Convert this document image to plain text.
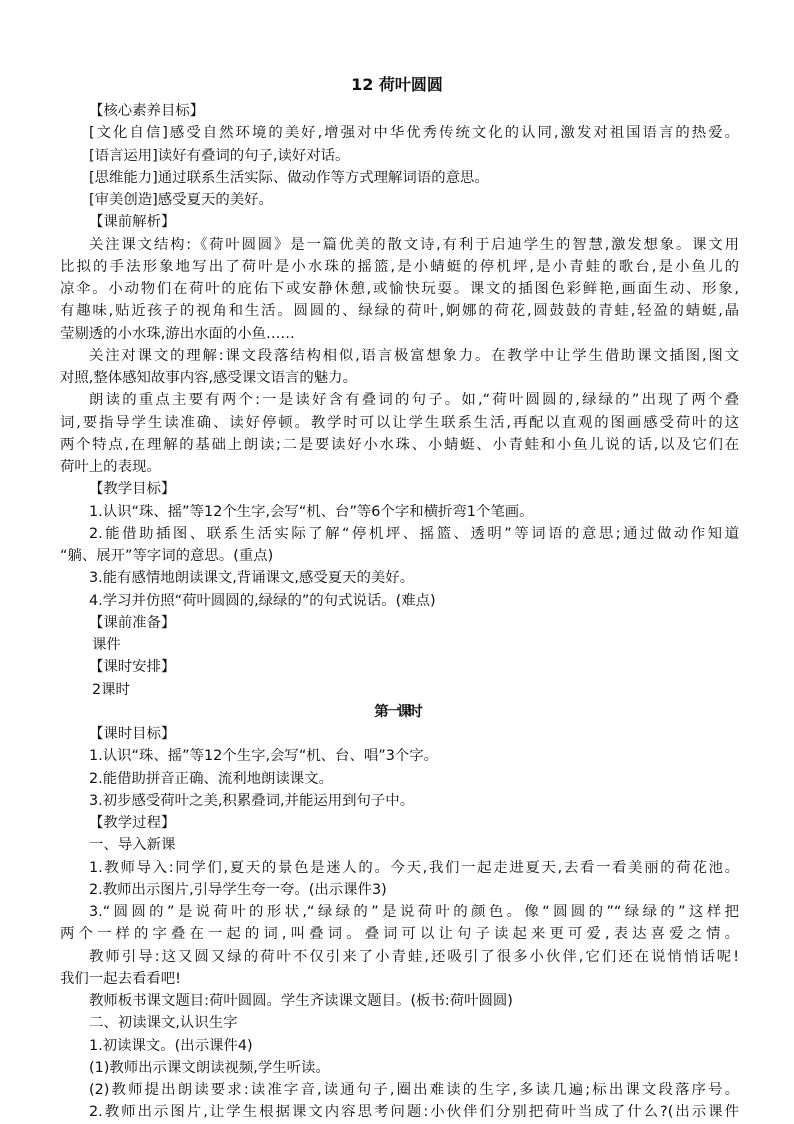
12 荷叶圆圆
【核心素养目标】
[文化自信]感受自然环境的美好,增强对中华优秀传统文化的认同,激发对祖国语言的热爱。
[语言运用]读好有叠词的句子,读好对话。
[思维能力]通过联系生活实际、做动作等方式理解词语的意思。
[审美创造]感受夏天的美好。
【课前解析】
关注课文结构:《荷叶圆圆》是一篇优美的散文诗,有利于启迪学生的智慧,激发想象。课文用
比拟的手法形象地写出了荷叶是小水珠的摇篮,是小蜻蜓的停机坪,是小青蛙的歌台,是小鱼儿的
凉伞。小动物们在荷叶的庇佑下或安静休憩,或愉快玩耍。课文的插图色彩鲜艳,画面生动、形象,
有趣味,贴近孩子的视角和生活。圆圆的、绿绿的荷叶,婀娜的荷花,圆鼓鼓的青蛙,轻盈的蜻蜓,晶
莹剔透的小水珠,游出水面的小鱼……
关注对课文的理解:课文段落结构相似,语言极富想象力。在教学中让学生借助课文插图,图文
对照,整体感知故事内容,感受课文语言的魅力。
朗读的重点主要有两个:一是读好含有叠词的句子。如,“荷叶圆圆的,绿绿的”出现了两个叠
词,要指导学生读准确、读好停顿。教学时可以让学生联系生活,再配以直观的图画感受荷叶的这
两个特点,在理解的基础上朗读;二是要读好小水珠、小蜻蜓、小青蛙和小鱼儿说的话,以及它们在
荷叶上的表现。
【教学目标】
1.认识“珠、摇”等12个生字,会写“机、台”等6个字和横折弯1个笔画。
2.能借助插图、联系生活实际了解“停机坪、摇篮、透明”等词语的意思;通过做动作知道
“躺、展开”等字词的意思。(重点)
3.能有感情地朗读课文,背诵课文,感受夏天的美好。
4.学习并仿照“荷叶圆圆的,绿绿的”的句式说话。(难点)
【课前准备】
课件
【课时安排】
2课时
第一课时
【课时目标】
1.认识“珠、摇”等12个生字,会写“机、台、唱”3个字。
2.能借助拼音正确、流利地朗读课文。
3.初步感受荷叶之美,积累叠词,并能运用到句子中。
【教学过程】
一、导入新课
1.教师导入:同学们,夏天的景色是迷人的。今天,我们一起走进夏天,去看一看美丽的荷花池。
2.教师出示图片,引导学生夸一夸。(出示课件3)
3.“圆圆的”是说荷叶的形状,“绿绿的”是说荷叶的颜色。像“圆圆的”“绿绿的”这样把
两个一样的字叠在一起的词,叫叠词。叠词可以让句子读起来更可爱,表达喜爱之情。
教师引导:这又圆又绿的荷叶不仅引来了小青蛙,还吸引了很多小伙伴,它们还在说悄悄话呢!
我们一起去看看吧!
教师板书课文题目:荷叶圆圆。学生齐读课文题目。(板书:荷叶圆圆)
二、初读课文,认识生字
1.初读课文。(出示课件4)
(1)教师出示课文朗读视频,学生听读。
(2)教师提出朗读要求:读准字音,读通句子,圈出难读的生字,多读几遍;标出课文段落序号。
2.教师出示图片,让学生根据课文内容思考问题:小伙伴们分别把荷叶当成了什么?(出示课件
